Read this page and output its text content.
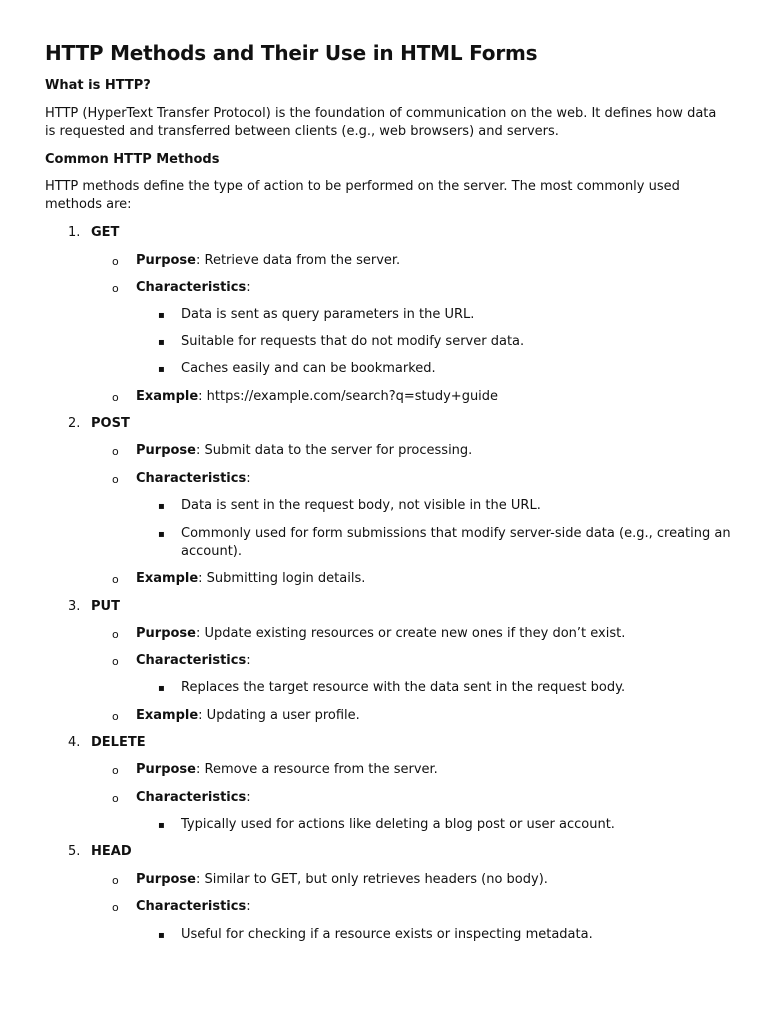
HTTP Methods and Their Use in HTML Forms

What is HTTP?

HTTP (HyperText Transfer Protocol) is the foundation of communication on the web. It defines how data is requested and transferred between clients (e.g., web browsers) and servers.

Common HTTP Methods

HTTP methods define the type of action to be performed on the server. The most commonly used methods are:

1. GET
o Purpose: Retrieve data from the server.
o Characteristics:
▪ Data is sent as query parameters in the URL.
▪ Suitable for requests that do not modify server data.
▪ Caches easily and can be bookmarked.
o Example: https://example.com/search?q=study+guide
2. POST
o Purpose: Submit data to the server for processing.
o Characteristics:
▪ Data is sent in the request body, not visible in the URL.
▪ Commonly used for form submissions that modify server-side data (e.g., creating an account).
o Example: Submitting login details.
3. PUT
o Purpose: Update existing resources or create new ones if they don’t exist.
o Characteristics:
▪ Replaces the target resource with the data sent in the request body.
o Example: Updating a user profile.
4. DELETE
o Purpose: Remove a resource from the server.
o Characteristics:
▪ Typically used for actions like deleting a blog post or user account.
5. HEAD
o Purpose: Similar to GET, but only retrieves headers (no body).
o Characteristics:
▪ Useful for checking if a resource exists or inspecting metadata.
